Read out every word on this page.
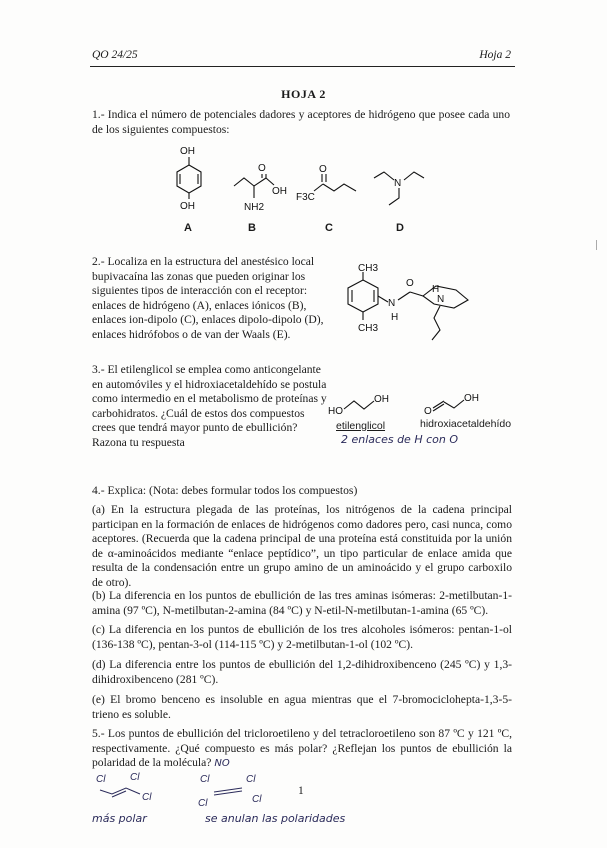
QO 24/25	Hoja 2
HOJA 2
1.- Indica el número de potenciales dadores y aceptores de hidrógeno que posee cada uno de los siguientes compuestos:
OH
OH
A
O
OH
NH2
B
F3C
O
C
N
D
2.- Localiza en la estructura del anestésico local bupivacaína las zonas que pueden originar los siguientes tipos de interacción con el receptor: enlaces de hidrógeno (A), enlaces iónicos (B), enlaces ion-dipolo (C), enlaces dipolo-dipolo (D), enlaces hidrófobos o de van der Waals (E).
CH3
CH3
N
H
O
N
H
3.- El etilenglicol se emplea como anticongelante en automóviles y el hidroxiacetaldehído se postula como intermedio en el metabolismo de proteínas y carbohidratos. ¿Cuál de estos dos compuestos crees que tendrá mayor punto de ebullición? Razona tu respuesta
HO
OH
etilenglicol
O
OH
hidroxiacetaldehído
2 enlaces de H con O
4.- Explica: (Nota: debes formular todos los compuestos)
(a) En la estructura plegada de las proteínas, los nitrógenos de la cadena principal participan en la formación de enlaces de hidrógenos como dadores pero, casi nunca, como aceptores. (Recuerda que la cadena principal de una proteína está constituida por la unión de α-aminoácidos mediante “enlace peptídico”, un tipo particular de enlace amida que resulta de la condensación entre un grupo amino de un aminoácido y el grupo carboxilo de otro).
(b) La diferencia en los puntos de ebullición de las tres aminas isómeras: 2-metilbutan-1-amina (97 ºC), N-metilbutan-2-amina (84 ºC) y N-etil-N-metilbutan-1-amina (65 ºC).
(c) La diferencia en los puntos de ebullición de los tres alcoholes isómeros: pentan-1-ol (136-138 ºC), pentan-3-ol (114-115 ºC) y 2-metilbutan-1-ol (102 ºC).
(d) La diferencia entre los puntos de ebullición del 1,2-dihidroxibenceno (245 ºC) y 1,3-dihidroxibenceno (281 ºC).
(e) El bromo benceno es insoluble en agua mientras que el 7-bromociclohepta-1,3-5-trieno es soluble.
5.- Los puntos de ebullición del tricloroetileno y del tetracloroetileno son 87 ºC y 121 ºC, respectivamente. ¿Qué compuesto es más polar? ¿Reflejan los puntos de ebullición la polaridad de la molécula? NO
Cl Cl
Cl
más polar
Cl	Cl
Cl	Cl
se anulan las polaridades
1
